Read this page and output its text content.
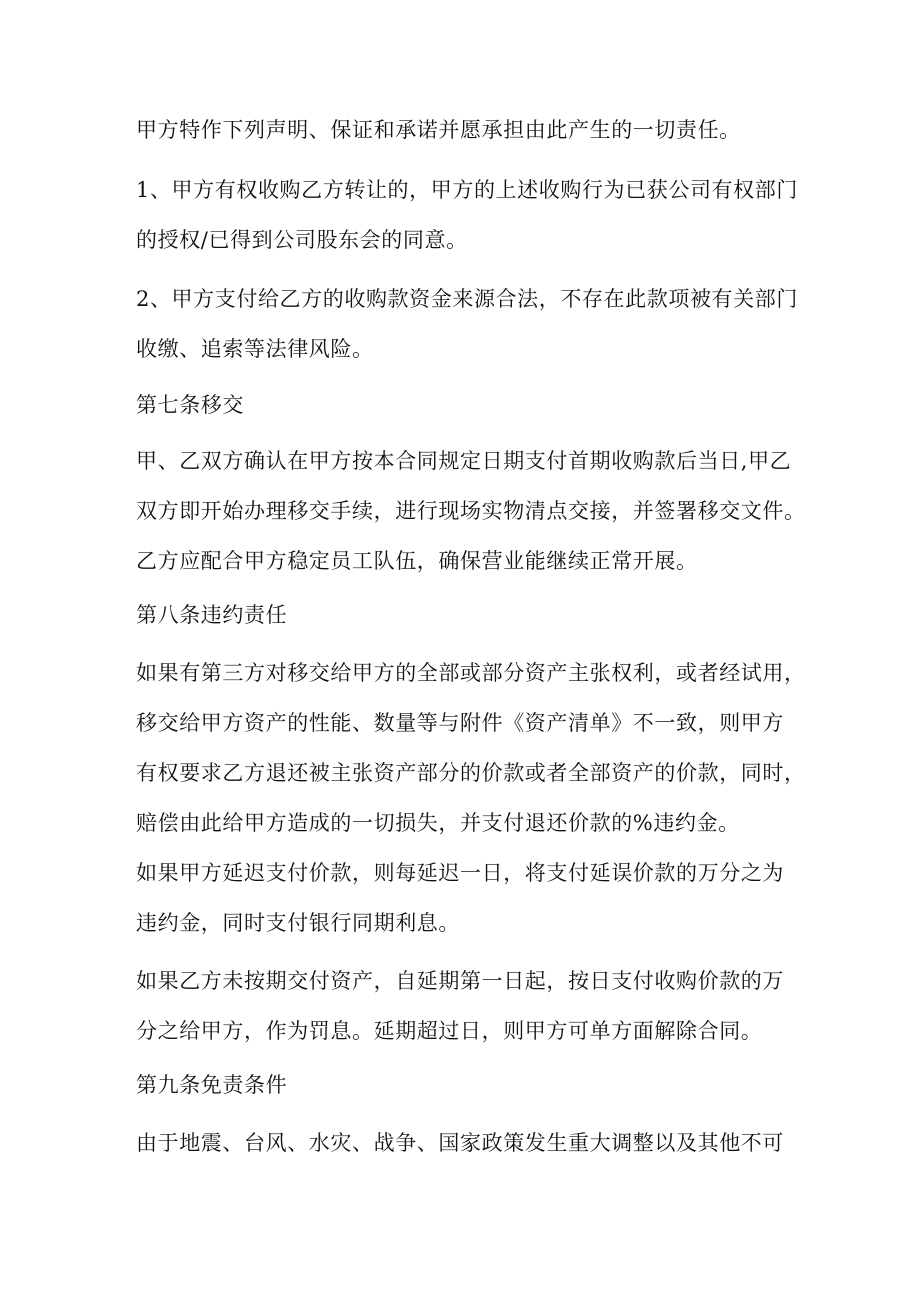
甲方特作下列声明、保证和承诺并愿承担由此产生的一切责任。

1、甲方有权收购乙方转让的，甲方的上述收购行为已获公司有权部门
的授权/已得到公司股东会的同意。

2、甲方支付给乙方的收购款资金来源合法，不存在此款项被有关部门
收缴、追索等法律风险。

第七条移交

甲、乙双方确认在甲方按本合同规定日期支付首期收购款后当日,甲乙
双方即开始办理移交手续，进行现场实物清点交接，并签署移交文件。
乙方应配合甲方稳定员工队伍，确保营业能继续正常开展。

第八条违约责任

如果有第三方对移交给甲方的全部或部分资产主张权利，或者经试用，
移交给甲方资产的性能、数量等与附件《资产清单》不一致，则甲方
有权要求乙方退还被主张资产部分的价款或者全部资产的价款，同时，
赔偿由此给甲方造成的一切损失，并支付退还价款的%违约金。

如果甲方延迟支付价款，则每延迟一日，将支付延误价款的万分之为
违约金，同时支付银行同期利息。

如果乙方未按期交付资产，自延期第一日起，按日支付收购价款的万
分之给甲方，作为罚息。延期超过日，则甲方可单方面解除合同。

第九条免责条件

由于地震、台风、水灾、战争、国家政策发生重大调整以及其他不可
